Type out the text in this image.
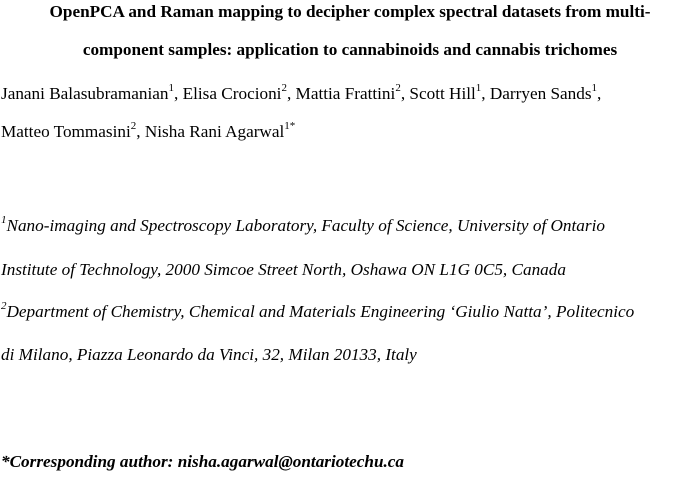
OpenPCA and Raman mapping to decipher complex spectral datasets from multi-
component samples: application to cannabinoids and cannabis trichomes
Janani Balasubramanian$^1$, Elisa Crocioni$^2$, Mattia Frattini$^2$, Scott Hill$^1$, Darryen Sands$^1$,
Matteo Tommasini$^2$, Nisha Rani Agarwal$^{1*}$
$^1$Nano-imaging and Spectroscopy Laboratory, Faculty of Science, University of Ontario
Institute of Technology, 2000 Simcoe Street North, Oshawa ON L1G 0C5, Canada
$^2$Department of Chemistry, Chemical and Materials Engineering ‘Giulio Natta’, Politecnico
di Milano, Piazza Leonardo da Vinci, 32, Milan 20133, Italy
*Corresponding author: nisha.agarwal@ontariotechu.ca
